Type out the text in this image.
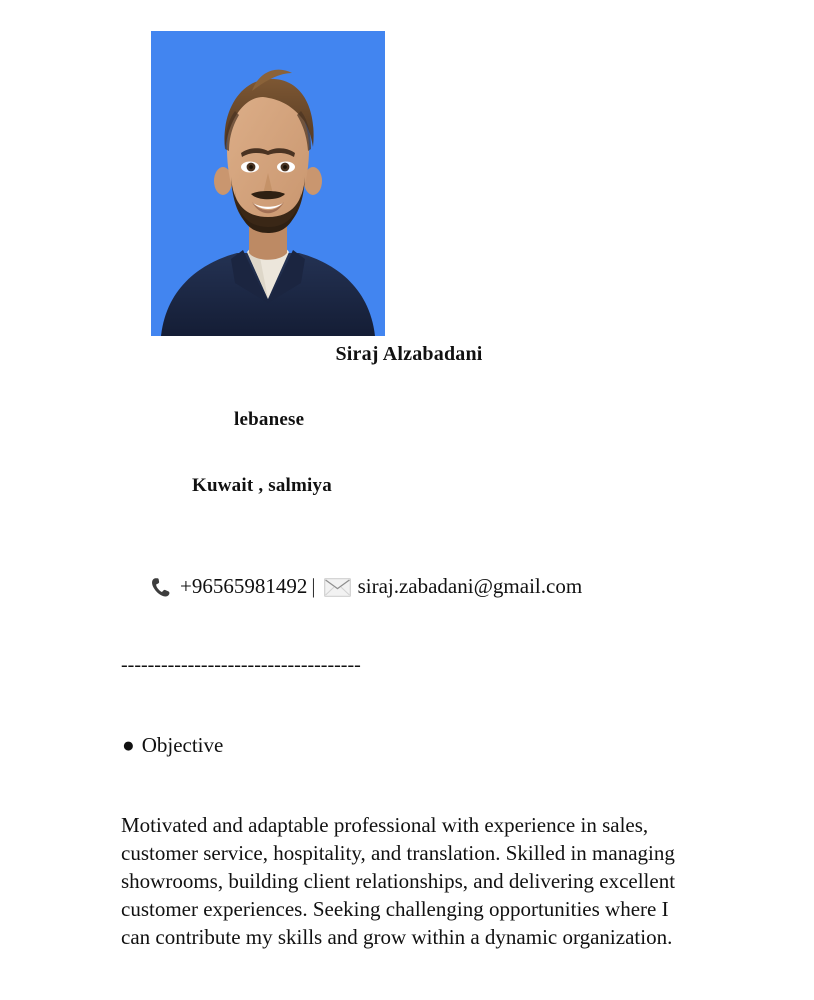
Siraj Alzabadani
lebanese
Kuwait , salmiya
+96565981492 | siraj.zabadani@gmail.com
------------------------------------
● Objective
Motivated and adaptable professional with experience in sales, customer service, hospitality, and translation. Skilled in managing showrooms, building client relationships, and delivering excellent customer experiences. Seeking challenging opportunities where I can contribute my skills and grow within a dynamic organization.
